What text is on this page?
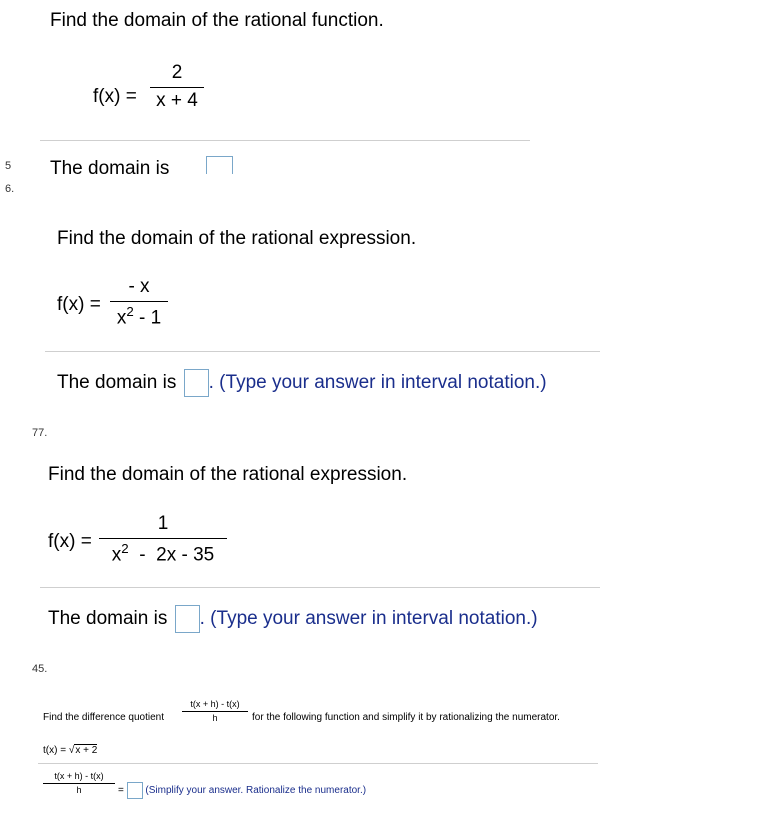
Find the domain of the rational function.
f(x) =
2
x + 4
5 The domain is
6.
Find the domain of the rational expression.
f(x) =
- x
$x^2 - 1$
The domain is . (Type your answer in interval notation.)
77.
Find the domain of the rational expression.
f(x) =
1
$x^2 - 2x - 35$
The domain is . (Type your answer in interval notation.)
45.
Find the difference quotient
t(x + h) - t(x)
h	for the following function and simplify it by rationalizing the numerator.
t(x) = √x + 2
t(x + h) - t(x)
h	= (Simplify your answer. Rationalize the numerator.)
